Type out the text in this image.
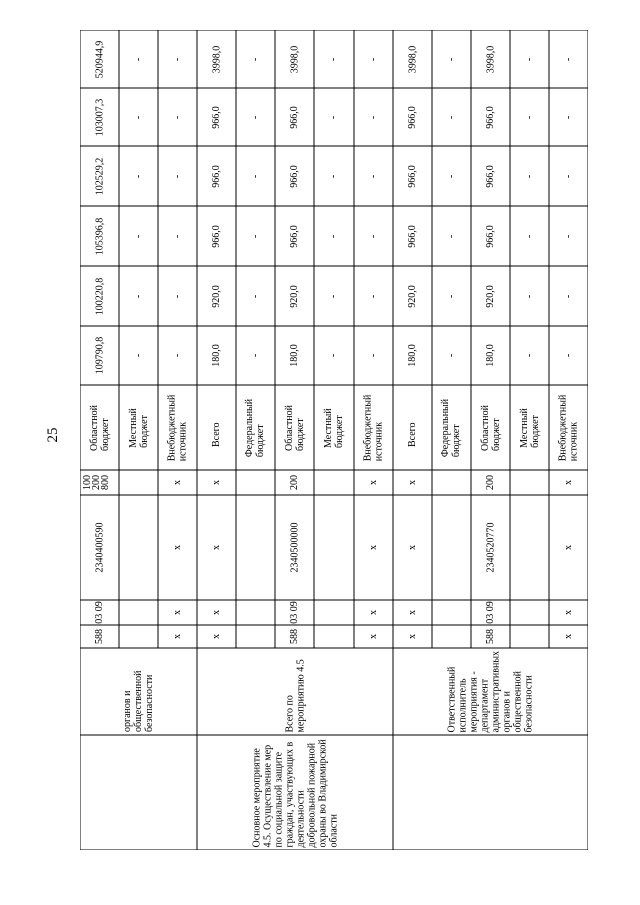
25
520944,9
103007,3
102529,2
105396,8
100220,8
109790,8
Областной бюджет
-
-
-
-
-
-
Местный бюджет
-
-
-
-
-
-
Внебюджетный источник
х
х
х
х
3998,0
966,0
966,0
966,0
920,0
180,0
Всего
х
х
х
х
-
-
-
-
-
-
Федеральный бюджет
3998,0
966,0
966,0
966,0
920,0
180,0
Областной бюджет
-
-
-
-
-
-
Местный бюджет
-
-
-
-
-
-
Внебюджетный источник
х
х
х
х
3998,0
966,0
966,0
966,0
920,0
180,0
Всего
х
х
х
х
-
-
-
-
-
-
Федеральный бюджет
3998,0
966,0
966,0
966,0
920,0
180,0
Областной бюджет
-
-
-
-
-
-
Местный бюджет
-
-
-
-
-
-
Внебюджетный источник
х
х
х
х
100
200
800
2340400590
03 09
588
органов и общественной безопасности
200
2340500000
03 09
588
Всего по мероприятию 4.5
Основное мероприятие 4.5. Осуществление мер по социальной защите граждан, участвующих в деятельности добровольной пожарной охраны во Владимирской области
200
2340520770
03 09
588
Ответственный исполнитель мероприятия - департамент административных органов и общественной безопасности
